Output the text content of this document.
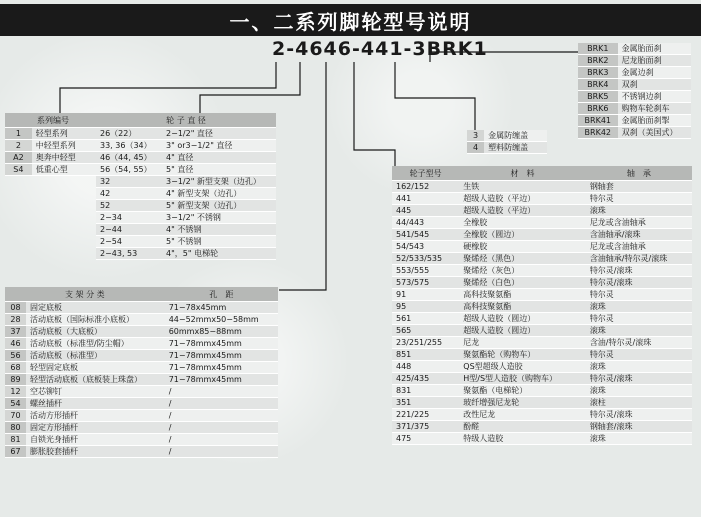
一、二系列脚轮型号说明
2-4646-441-3BRK1
系列编号	
1	轻型系列
2	中轻型系列
A2	奥奔中轻型
S4	低重心型
轮 子 直 径	
26（22）	2−1/2" 直径
33, 36（34）	3" or3−1/2" 直径
46（44, 45）	4" 直径
56（54, 55）	5" 直径
32	3−1/2" 新型支架（边孔）
42	4" 新型支架（边孔）
52	5" 新型支架（边孔）
2−34	3−1/2" 不锈钢
2−44	4" 不锈钢
2−54	5" 不锈钢
2−43, 53	4"，5" 电梯轮
支 架 分 类		孔　距
08	固定底板	71−78x45mm
28	活动底板（国际标准小底板）	44−52mmx50−58mm
37	活动底板（大底板）	60mmx85−88mm
46	活动底板（标准型/防尘帽）	71−78mmx45mm
56	活动底板（标准型）	71−78mmx45mm
68	轻型固定底板	71−78mmx45mm
89	轻型活动底板（底板装上珠盘）	71−78mmx45mm
12	空芯铆钉	/
54	螺丝插杆	/
70	活动方形插杆	/
80	固定方形插杆	/
81	自锁光身插杆	/
67	膨胀胶套插杆	/
3	金属防缠盖
4	塑料防缠盖
BRK1	金属胎面刹
BRK2	尼龙胎面刹
BRK3	金属边刹
BRK4	双刹
BRK5	不锈钢边刹
BRK6	购物车轮刹车
BRK41	金属胎面刹掣
BRK42	双刹（美国式）
轮子型号	材　料	轴　承
162/152	生铁	钢轴套
441	超级人造胶（平边）	特尔灵
445	超级人造胶（平边）	滚珠
44/443	全橡胶	尼龙或含油轴承
541/545	全橡胶（圆边）	含油轴承/滚珠
54/543	硬橡胶	尼龙或含油轴承
52/533/535	聚烯烃（黑色）	含油轴承/特尔灵/滚珠
553/555	聚烯烃（灰色）	特尔灵/滚珠
573/575	聚烯烃（白色）	特尔灵/滚珠
91	高科技聚氨酯	特尔灵
95	高科技聚氨酯	滚珠
561	超级人造胶（圆边）	特尔灵
565	超级人造胶（圆边）	滚珠
23/251/255	尼龙	含油/特尔灵/滚珠
851	聚氨酯轮（购物车）	特尔灵
448	QS型超级人造胶	滚珠
425/435	H型/S型人造胶（购物车）	特尔灵/滚珠
831	聚氨酯（电梯轮）	滚珠
351	玻纤增强尼龙轮	滚柱
221/225	改性尼龙	特尔灵/滚珠
371/375	酚醛	钢轴套/滚珠
475	特级人造胶	滚珠
